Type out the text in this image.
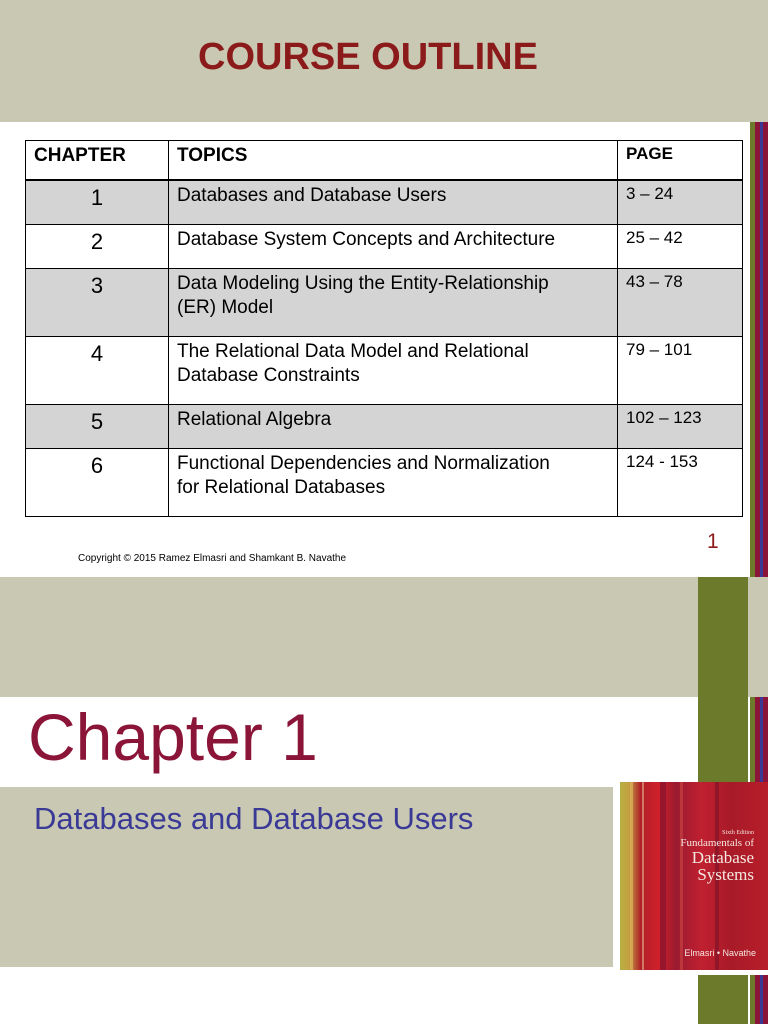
COURSE OUTLINE
CHAPTER	TOPICS	PAGE
1	Databases and Database Users	3 – 24
2	Database System Concepts and Architecture	25 – 42
3	Data Modeling Using the Entity-Relationship
(ER) Model	43 – 78
4	The Relational Data Model and Relational
Database Constraints	79 – 101
5	Relational Algebra	102 – 123
6	Functional Dependencies and Normalization
for Relational Databases	124 - 153
Copyright © 2015 Ramez Elmasri and Shamkant B. Navathe
1
Chapter 1
Databases and Database Users	Sixth Edition
Fundamentals of
Database
Systems
Elmasri • Navathe
